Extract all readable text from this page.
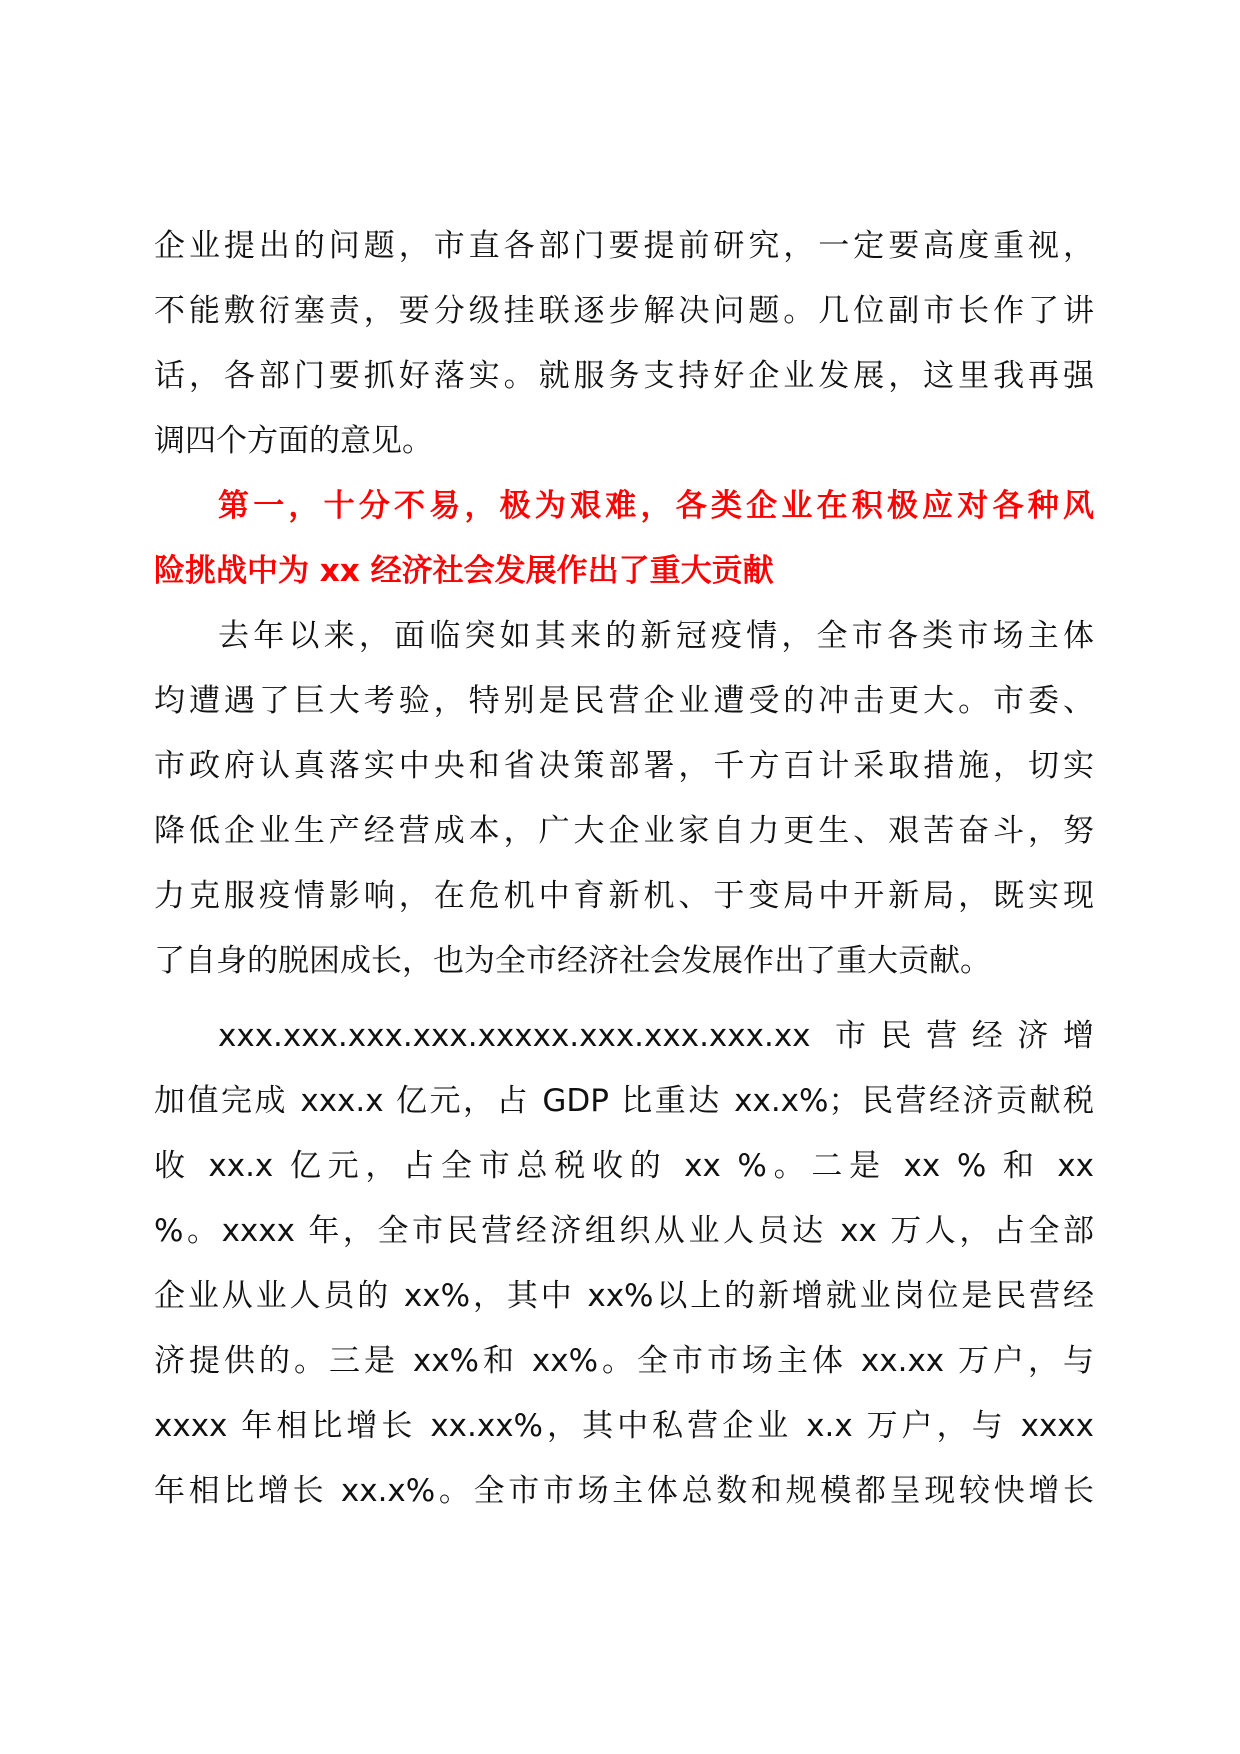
企业提出的问题，市直各部门要提前研究，一定要高度重视，
不能敷衍塞责，要分级挂联逐步解决问题。几位副市长作了讲
话，各部门要抓好落实。就服务支持好企业发展，这里我再强
调四个方面的意见。
第一，十分不易，极为艰难，各类企业在积极应对各种风
险挑战中为 xx 经济社会发展作出了重大贡献
去年以来，面临突如其来的新冠疫情，全市各类市场主体
均遭遇了巨大考验，特别是民营企业遭受的冲击更大。市委、
市政府认真落实中央和省决策部署，千方百计采取措施，切实
降低企业生产经营成本，广大企业家自力更生、艰苦奋斗，努
力克服疫情影响，在危机中育新机、于变局中开新局，既实现
了自身的脱困成长，也为全市经济社会发展作出了重大贡献。
xxx.xxx.xxx.xxx.xxxxx.xxx.xxx.xxx.xx 市民营经济增
加值完成 xxx.x 亿元，占 GDP 比重达 xx.x%；民营经济贡献税
收 xx.x 亿元，占全市总税收的 xx %。二是 xx % 和 xx
%。xxxx 年，全市民营经济组织从业人员达 xx 万人，占全部
企业从业人员的 xx%，其中 xx%以上的新增就业岗位是民营经
济提供的。三是 xx%和 xx%。全市市场主体 xx.xx 万户，与
xxxx 年相比增长 xx.xx%，其中私营企业 x.x 万户，与 xxxx
年相比增长 xx.x%。全市市场主体总数和规模都呈现较快增长
